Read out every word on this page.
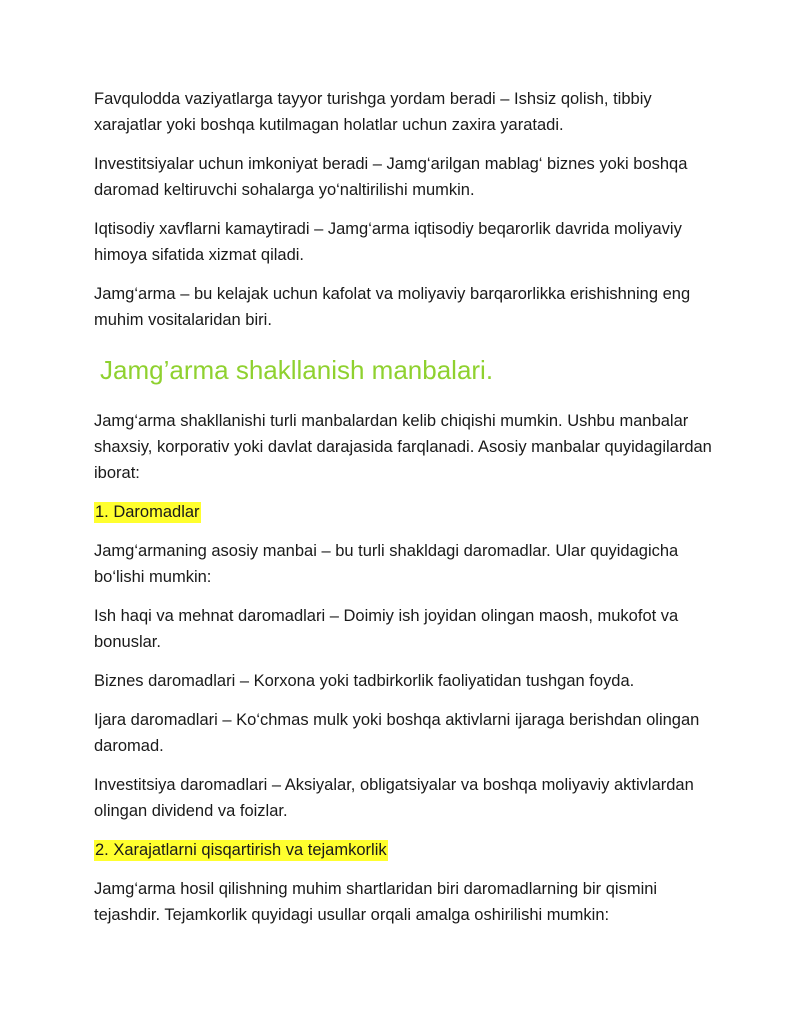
Favqulodda vaziyatlarga tayyor turishga yordam beradi – Ishsiz qolish, tibbiy xarajatlar yoki boshqa kutilmagan holatlar uchun zaxira yaratadi.

Investitsiyalar uchun imkoniyat beradi – Jamg‘arilgan mablag‘ biznes yoki boshqa daromad keltiruvchi sohalarga yo‘naltirilishi mumkin.

Iqtisodiy xavflarni kamaytiradi – Jamg‘arma iqtisodiy beqarorlik davrida moliyaviy himoya sifatida xizmat qiladi.

Jamg‘arma – bu kelajak uchun kafolat va moliyaviy barqarorlikka erishishning eng muhim vositalaridan biri.

Jamg’arma shakllanish manbalari.

Jamg‘arma shakllanishi turli manbalardan kelib chiqishi mumkin. Ushbu manbalar shaxsiy, korporativ yoki davlat darajasida farqlanadi. Asosiy manbalar quyidagilardan iborat:

1. Daromadlar

Jamg‘armaning asosiy manbai – bu turli shakldagi daromadlar. Ular quyidagicha bo‘lishi mumkin:

Ish haqi va mehnat daromadlari – Doimiy ish joyidan olingan maosh, mukofot va bonuslar.

Biznes daromadlari – Korxona yoki tadbirkorlik faoliyatidan tushgan foyda.

Ijara daromadlari – Ko‘chmas mulk yoki boshqa aktivlarni ijaraga berishdan olingan daromad.

Investitsiya daromadlari – Aksiyalar, obligatsiyalar va boshqa moliyaviy aktivlardan olingan dividend va foizlar.

2. Xarajatlarni qisqartirish va tejamkorlik

Jamg‘arma hosil qilishning muhim shartlaridan biri daromadlarning bir qismini tejashdir. Tejamkorlik quyidagi usullar orqali amalga oshirilishi mumkin:
